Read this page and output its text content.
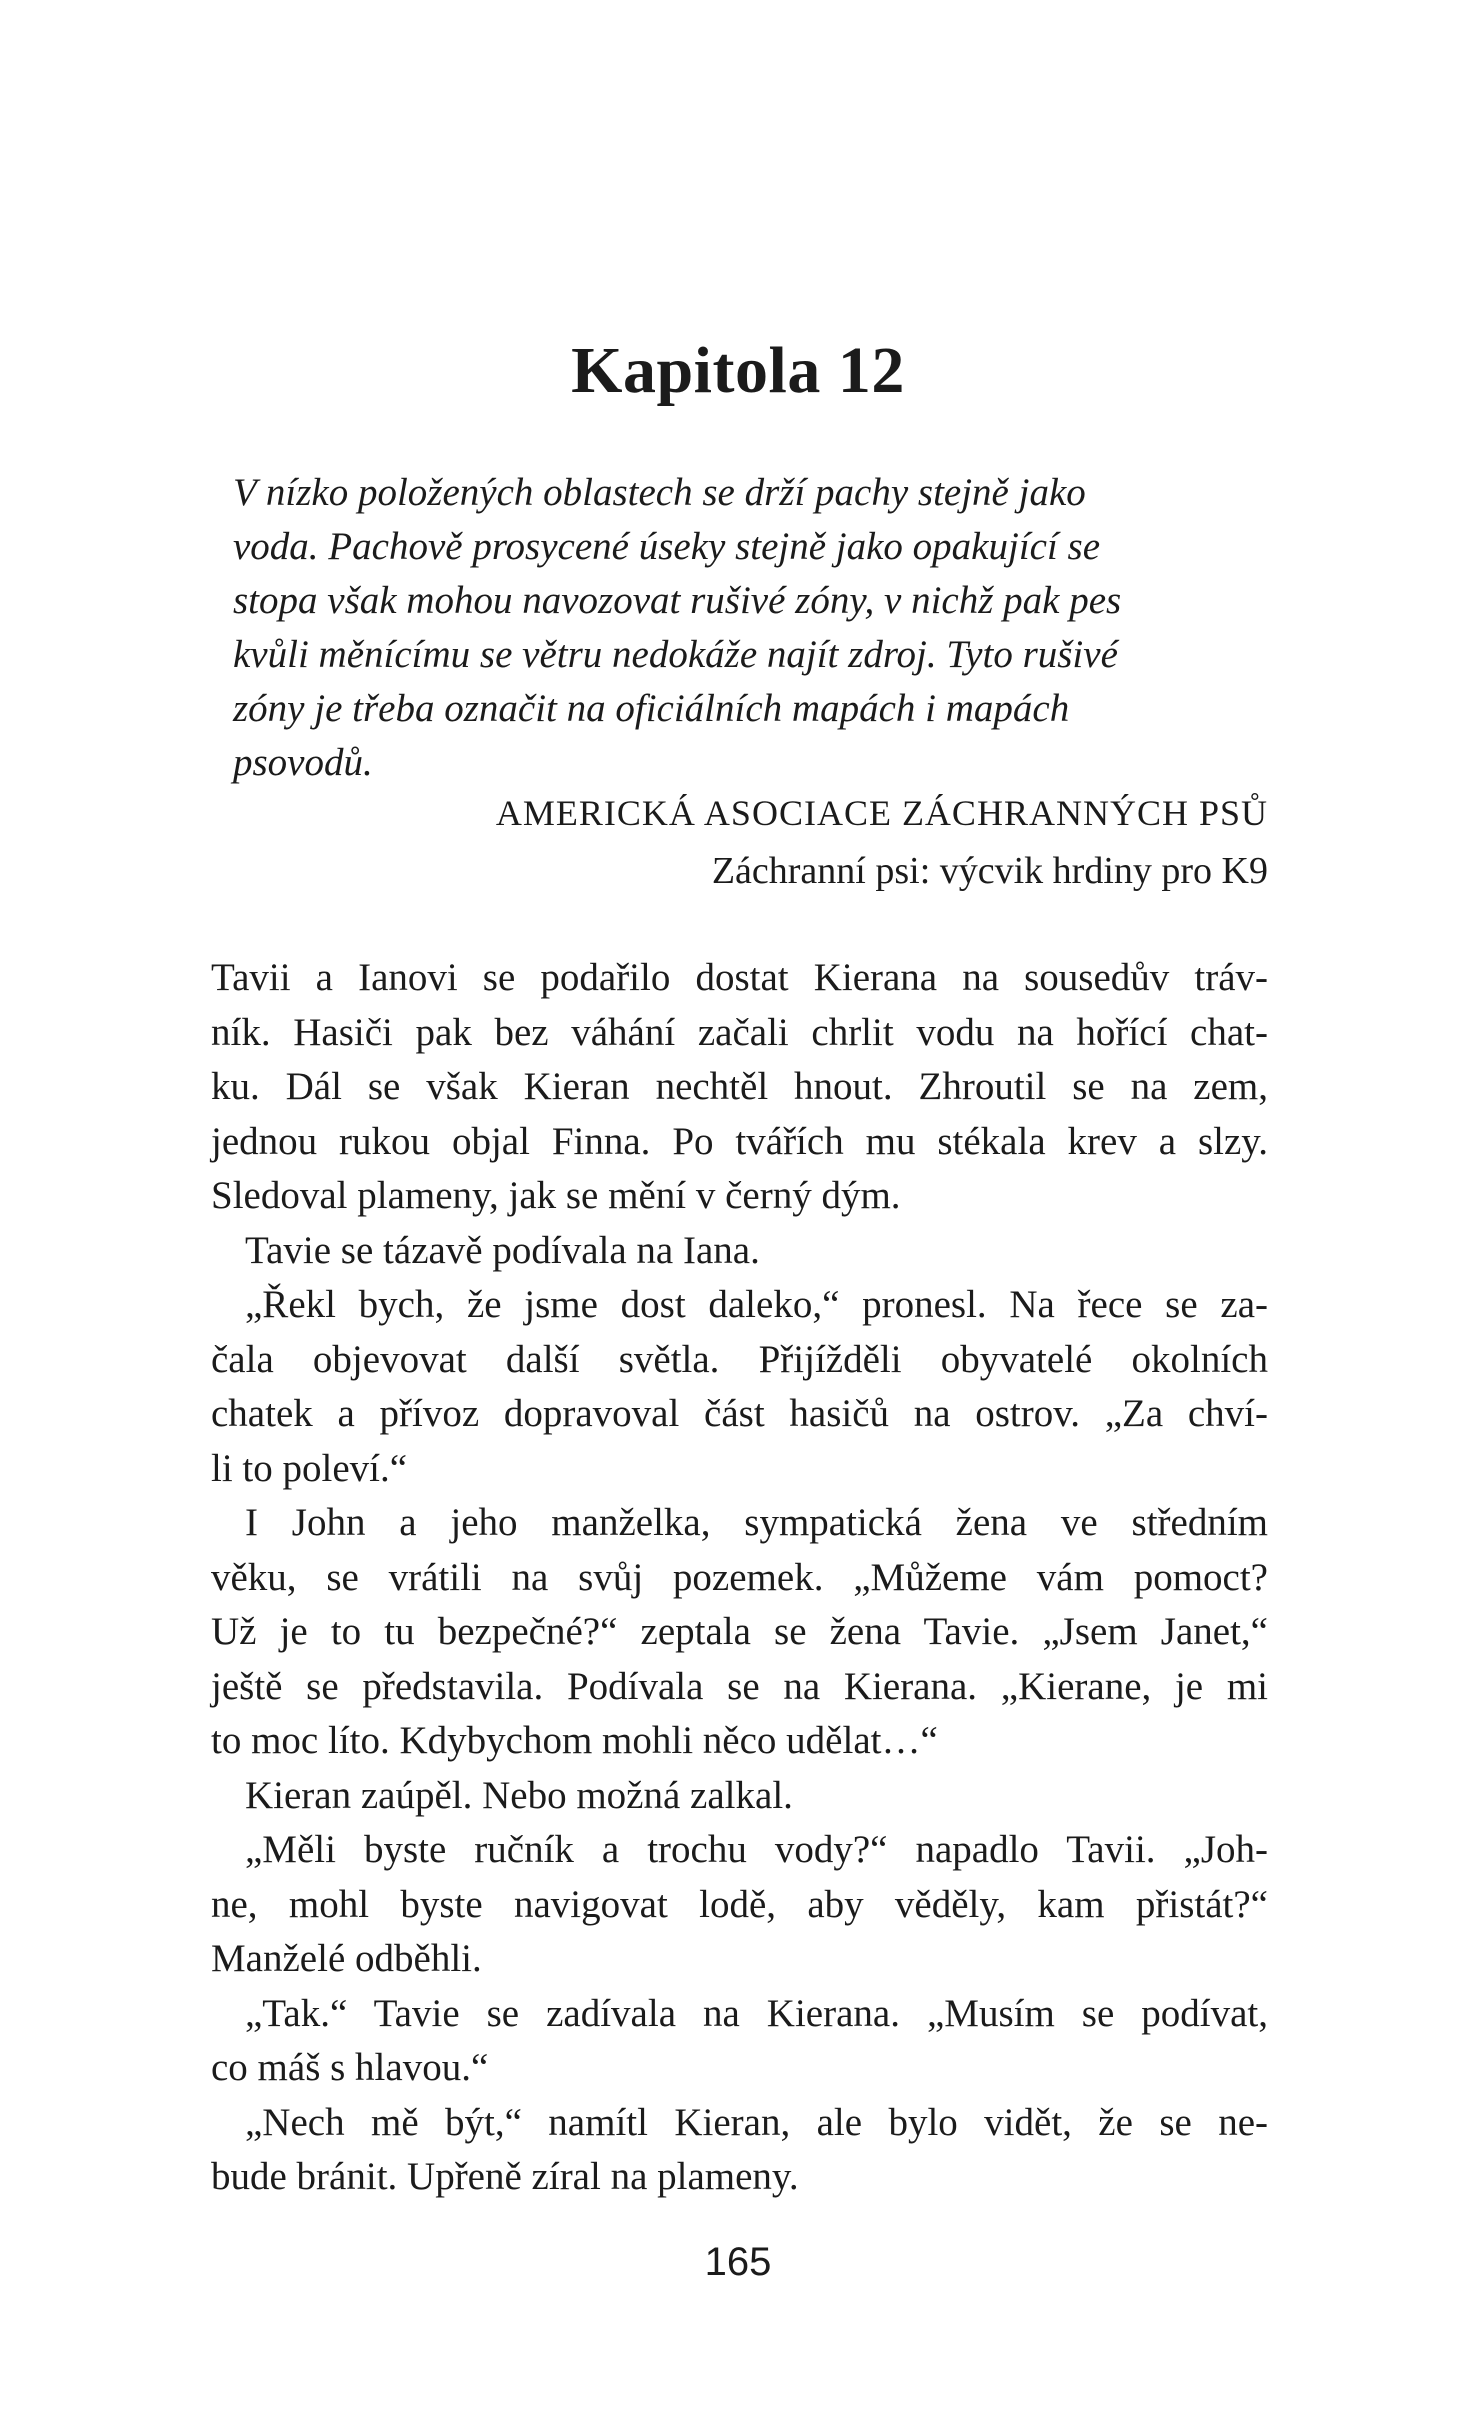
Kapitola 12
V nízko položených oblastech se drží pachy stejně jako
voda. Pachově prosycené úseky stejně jako opakující se
stopa však mohou navozovat rušivé zóny, v nichž pak pes
kvůli měnícímu se větru nedokáže najít zdroj. Tyto rušivé
zóny je třeba označit na oficiálních mapách i mapách
psovodů.
AMERICKÁ ASOCIACE ZÁCHRANNÝCH PSŮ
Záchranní psi: výcvik hrdiny pro K9
Tavii a Ianovi se podařilo dostat Kierana na sousedův tráv-
ník. Hasiči pak bez váhání začali chrlit vodu na hořící chat-
ku. Dál se však Kieran nechtěl hnout. Zhroutil se na zem,
jednou rukou objal Finna. Po tvářích mu stékala krev a slzy.
Sledoval plameny, jak se mění v černý dým.
Tavie se tázavě podívala na Iana.
„Řekl bych, že jsme dost daleko,“ pronesl. Na řece se za-
čala objevovat další světla. Přijížděli obyvatelé okolních
chatek a přívoz dopravoval část hasičů na ostrov. „Za chví-
li to poleví.“
I John a jeho manželka, sympatická žena ve středním
věku, se vrátili na svůj pozemek. „Můžeme vám pomoct?
Už je to tu bezpečné?“ zeptala se žena Tavie. „Jsem Janet,“
ještě se představila. Podívala se na Kierana. „Kierane, je mi
to moc líto. Kdybychom mohli něco udělat…“
Kieran zaúpěl. Nebo možná zalkal.
„Měli byste ručník a trochu vody?“ napadlo Tavii. „Joh-
ne, mohl byste navigovat lodě, aby věděly, kam přistát?“
Manželé odběhli.
„Tak.“ Tavie se zadívala na Kierana. „Musím se podívat,
co máš s hlavou.“
„Nech mě být,“ namítl Kieran, ale bylo vidět, že se ne-
bude bránit. Upřeně zíral na plameny.
165
